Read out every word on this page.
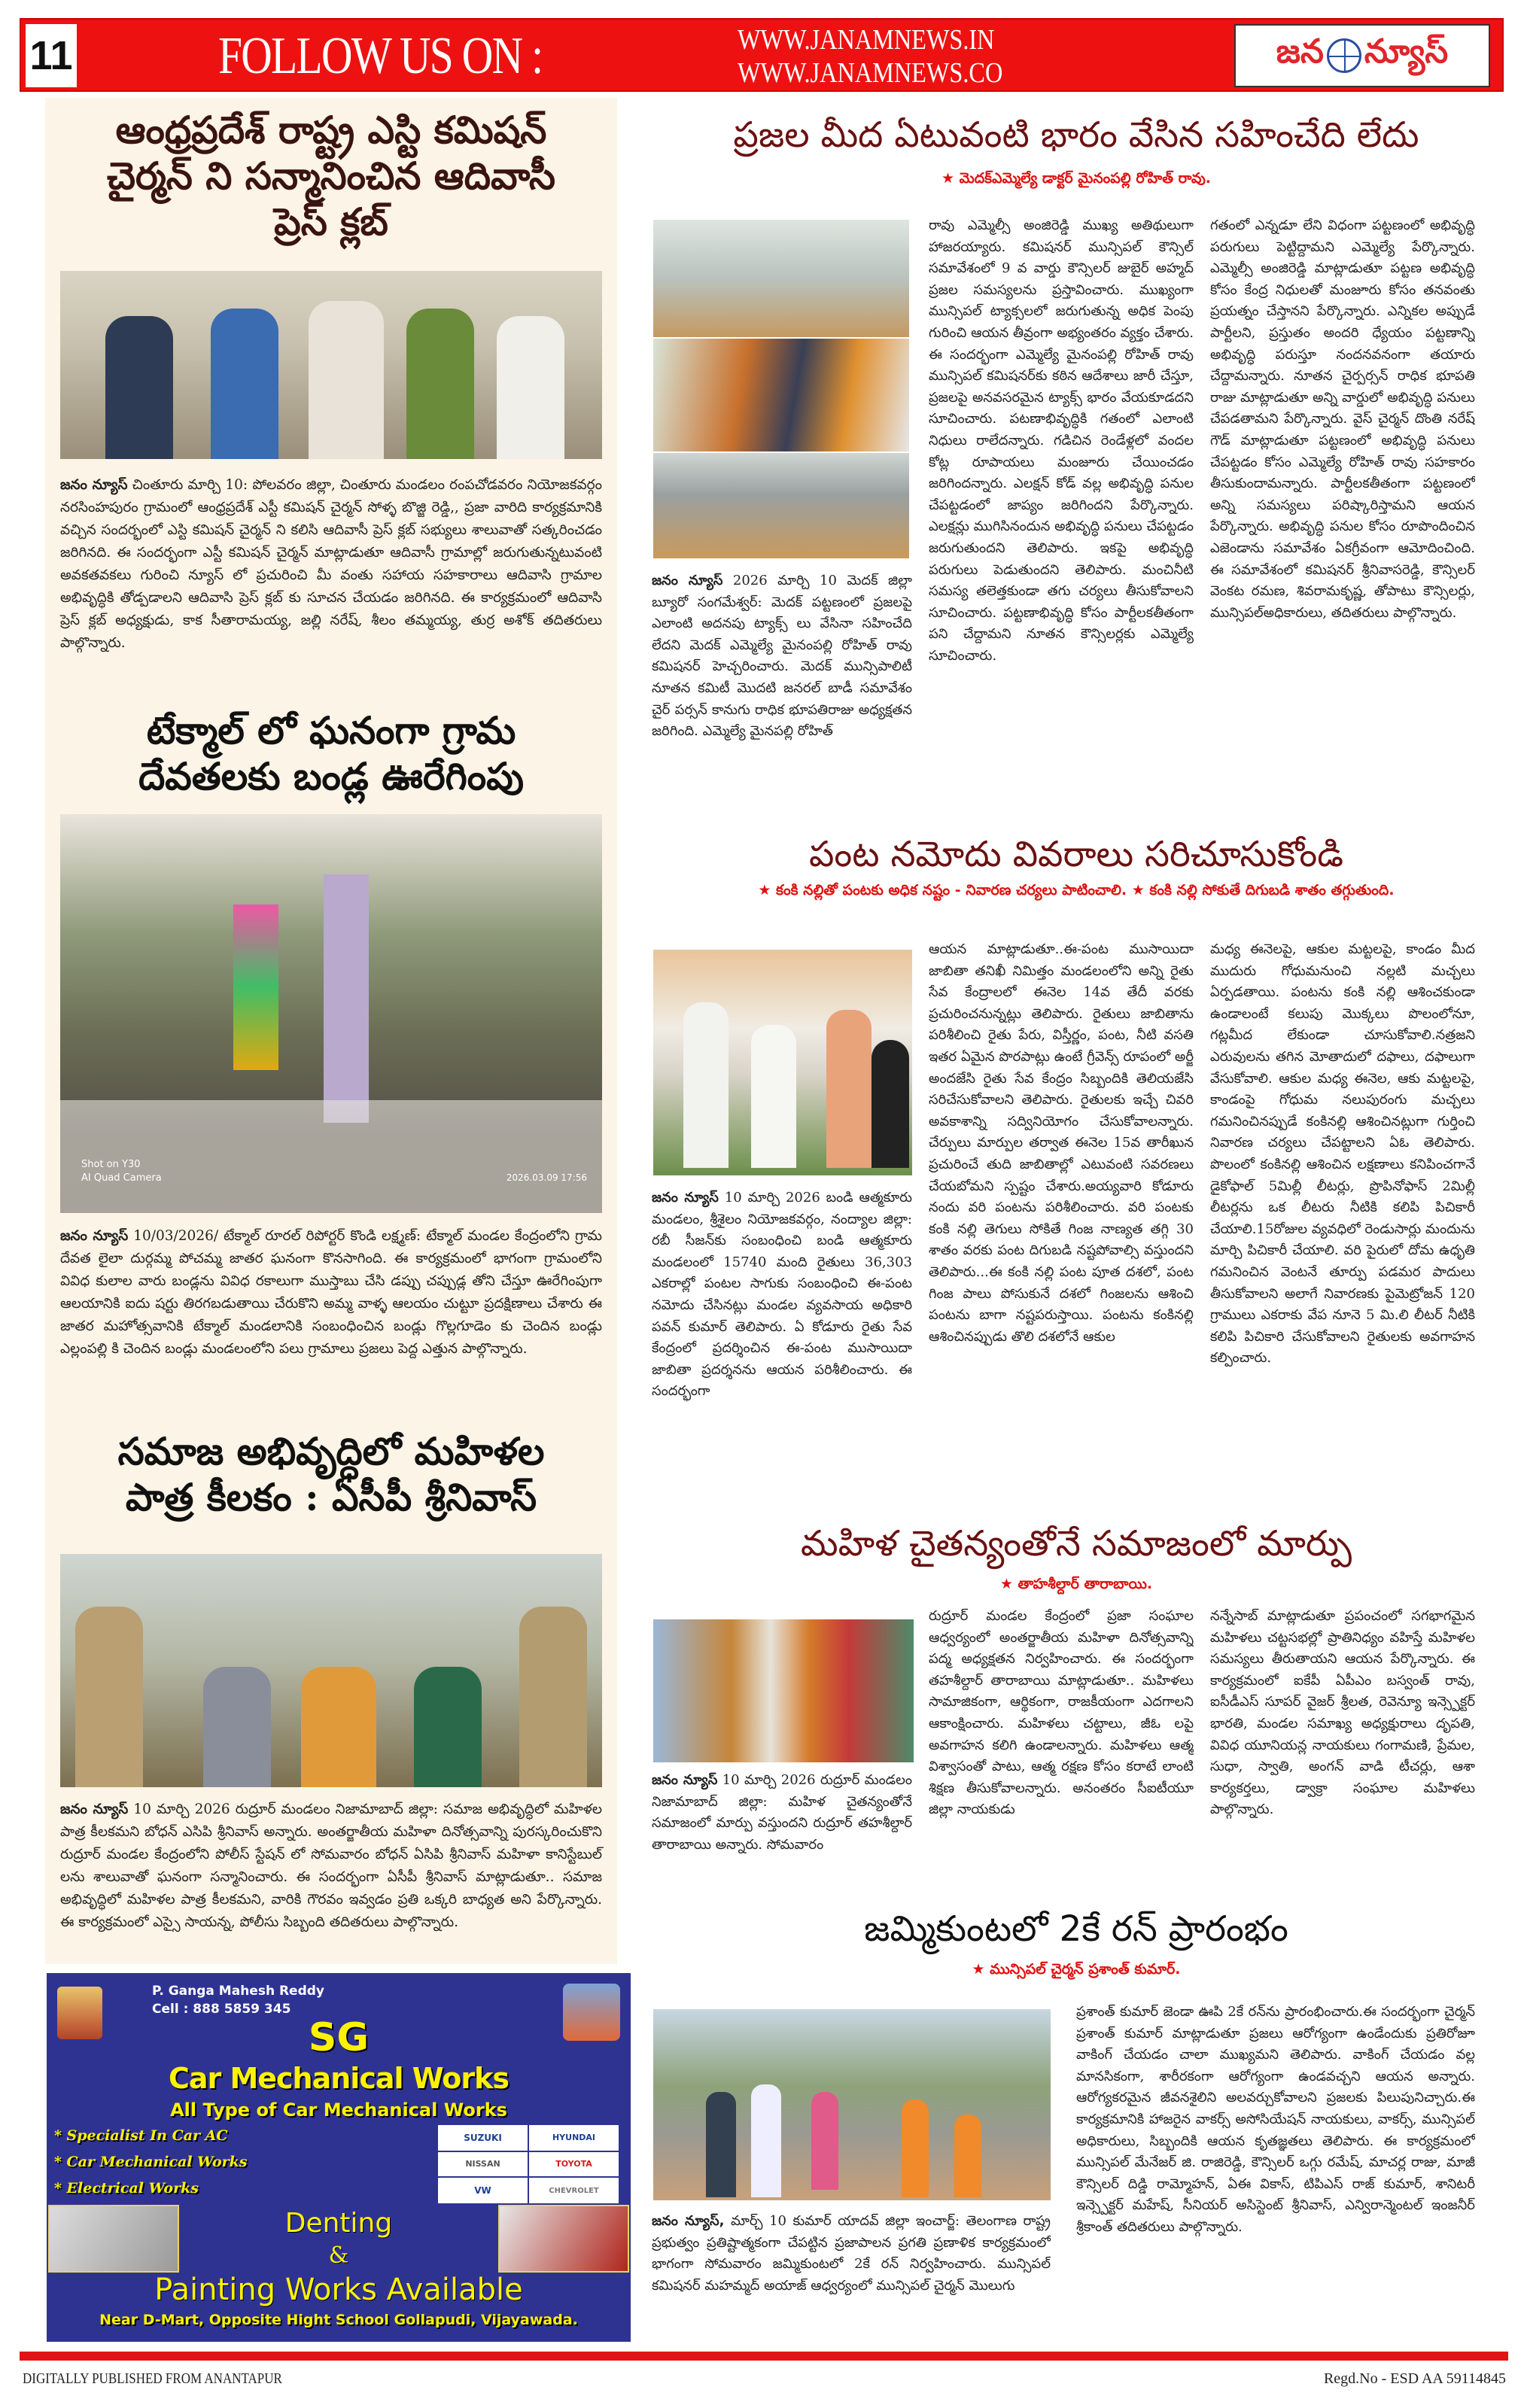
11	FOLLOW US ON :	WWW.JANAMNEWS.IN
WWW.JANAMNEWS.CO
జన న్యూస్
ఆంధ్రప్రదేశ్ రాష్ట్ర ఎస్టి కమిషన్
చైర్మన్ ని సన్మానించిన ఆదివాసీ
ప్రెస్ క్లబ్
జనం న్యూస్ చింతూరు మార్చి 10: పోలవరం జిల్లా, చింతూరు మండలం రంపచోడవరం నియోజకవర్గం నరసింహపురం గ్రామంలో ఆంధ్రప్రదేశ్ ఎస్టీ కమిషన్ చైర్మన్ సోళ్ళ బొజ్జి రెడ్డి,, ప్రజా వారిది కార్యక్రమానికి వచ్చిన సందర్భంలో ఎస్టి కమిషన్ చైర్మన్ ని కలిసి ఆదివాసీ ప్రెస్ క్లబ్ సభ్యులు శాలువాతో సత్కరించడం జరిగినది. ఈ సందర్భంగా ఎస్టీ కమిషన్ చైర్మన్ మాట్లాడుతూ ఆదివాసీ గ్రామాల్లో జరుగుతున్నటువంటి అవకతవకలు గురించి న్యూస్ లో ప్రచురించి మీ వంతు సహాయ సహకారాలు ఆదివాసి గ్రామాల అభివృద్ధికి తోడ్పడాలని ఆదివాసి ప్రెస్ క్లబ్ కు సూచన చేయడం జరిగినది. ఈ కార్యక్రమంలో ఆదివాసి ప్రెస్ క్లబ్ అధ్యక్షుడు, కాక సీతారామయ్య, జల్లి నరేష్, శీలం తమ్మయ్య, తుర్ర అశోక్ తదితరులు పాల్గొన్నారు.
టేక్మాల్ లో ఘనంగా గ్రామ
దేవతలకు బండ్ల ఊరేగింపు
Shot on Y30
AI Quad Camera	2026.03.09 17:56
జనం న్యూస్ 10/03/2026/ టేక్మాల్ రూరల్ రిపోర్టర్ కొండి లక్ష్మణ్: టేక్మాల్ మండల కేంద్రంలోని గ్రామ దేవత లైలా దుర్గమ్మ పోచమ్మ జాతర ఘనంగా కొనసాగింది. ఈ కార్యక్రమంలో భాగంగా గ్రామంలోని వివిధ కులాల వారు బండ్లను వివిధ రకాలుగా ముస్తాబు చేసి డప్పు చప్పుడ్ల తోని చేస్తూ ఊరేగింపుగా ఆలయానికి ఐదు షర్టు తిరగబడుతాయి చేరుకొని అమ్మ వాళ్ళ ఆలయం చుట్టూ ప్రదక్షిణాలు చేశారు ఈ జాతర మహోత్సవానికి టేక్మాల్ మండలానికి సంబంధించిన బండ్లు గొల్లగూడెం కు చెందిన బండ్లు ఎల్లంపల్లి కి చెందిన బండ్లు మండలంలోని పలు గ్రామాలు ప్రజలు పెద్ద ఎత్తున పాల్గొన్నారు.
సమాజ అభివృద్ధిలో మహిళల
పాత్ర కీలకం : ఏసీపీ శ్రీనివాస్
జనం న్యూస్ 10 మార్చి 2026 రుద్రూర్ మండలం నిజామాబాద్ జిల్లా: సమాజ అభివృద్ధిలో మహిళల పాత్ర కీలకమని బోధన్ ఎసిపి శ్రీనివాస్ అన్నారు. అంతర్జాతీయ మహిళా దినోత్సవాన్ని పురస్కరించుకొని రుద్రూర్ మండల కేంద్రంలోని పోలీస్ స్టేషన్ లో సోమవారం బోధన్ ఏసిపి శ్రీనివాస్ మహిళా కానిస్టేబుల్ లను శాలువాతో ఘనంగా సన్మానించారు. ఈ సందర్భంగా ఏసీపీ శ్రీనివాస్ మాట్లాడుతూ.. సమాజ అభివృద్ధిలో మహిళల పాత్ర కీలకమని, వారికి గౌరవం ఇవ్వడం ప్రతి ఒక్కరి బాధ్యత అని పేర్కొన్నారు. ఈ కార్యక్రమంలో ఎస్సై సాయన్న, పోలీసు సిబ్బంది తదితరులు పాల్గొన్నారు.
P. Ganga Mahesh Reddy
Cell : 888 5859 345
SG
Car Mechanical Works
All Type of Car Mechanical Works
* Specialist In Car AC
* Car Mechanical Works
* Electrical Works
SUZUKI	HYUNDAI
NISSAN	TOYOTA
VW	CHEVROLET
Denting
&
Painting Works Available
Near D-Mart, Opposite Hight School Gollapudi, Vijayawada.
ప్రజల మీద ఏటువంటి భారం వేసిన సహించేది లేదు
★ మెదక్‌ఎమ్మెల్యే డాక్టర్ మైనంపల్లి రోహిత్ రావు.
జనం న్యూస్ 2026 మార్చి 10 మెదక్ జిల్లా బ్యూరో సంగమేశ్వర్: మెదక్ పట్టణంలో ప్రజలపై ఎలాంటి అదనపు ట్యాక్స్ లు వేసినా సహించేది లేదని మెదక్ ఎమ్మెల్యే మైనంపల్లి రోహిత్ రావు కమిషనర్ హెచ్చరించారు. మెదక్ మున్సిపాలిటీ నూతన కమిటీ మొదటి జనరల్ బాడీ సమావేశం చైర్ పర్సన్ కానుగు రాధిక భూపతిరాజు అధ్యక్షతన జరిగింది. ఎమ్మెల్యే మైనపల్లి రోహిత్
రావు ఎమ్మెల్సీ అంజిరెడ్డి ముఖ్య అతిథులుగా హాజరయ్యారు. కమిషనర్ మున్సిపల్ కౌన్సిల్ సమావేశంలో 9 వ వార్డు కౌన్సిలర్ జుబైర్ అహ్మద్ ప్రజల సమస్యలను ప్రస్తావించారు. ముఖ్యంగా మున్సిపల్ ట్యాక్సలలో జరుగుతున్న అధిక పెంపు గురించి ఆయన తీవ్రంగా అభ్యంతరం వ్యక్తం చేశారు. ఈ సందర్భంగా ఎమ్మెల్యే మైనంపల్లి రోహిత్ రావు మున్సిపల్ కమిషనర్‌కు కఠిన ఆదేశాలు జారీ చేస్తూ, ప్రజలపై అనవసరమైన ట్యాక్స్ భారం వేయకూడదని సూచించారు. పటణాభివృద్ధికి గతంలో ఎలాంటి నిధులు రాలేదన్నారు. గడిచిన రెండేళ్లలో వందల కోట్ల రూపాయలు మంజూరు చేయించడం జరిగిందన్నారు. ఎలక్షన్ కోడ్ వల్ల అభివృద్ధి పనుల చేపట్టడంలో జాప్యం జరిగిందని పేర్కొన్నారు. ఎలక్షన్లు ముగిసినందున అభివృద్ధి పనులు చేపట్టడం జరుగుతుందని తెలిపారు. ఇకపై అభివృద్ధి పరుగులు పెడుతుందని తెలిపారు. మంచినీటి సమస్య తలెత్తకుండా తగు చర్యలు తీసుకోవాలని సూచించారు. పట్టణాభివృద్ధి కోసం పార్టీలకతీతంగా పని చేద్దామని నూతన కౌన్సిలర్లకు ఎమ్మెల్యే సూచించారు.
గతంలో ఎన్నడూ లేని విధంగా పట్టణంలో అభివృద్ధి పరుగులు పెట్టిద్దామని ఎమ్మెల్యే పేర్కొన్నారు. ఎమ్మెల్సీ అంజిరెడ్డి మాట్లాడుతూ పట్టణ అభివృద్ధి కోసం కేంద్ర నిధులతో మంజూరు కోసం తనవంతు ప్రయత్నం చేస్తానని పేర్కొన్నారు. ఎన్నికల అప్పుడే పార్టీలని, ప్రస్తుతం అందరి ధ్యేయం పట్టణాన్ని అభివృద్ధి పరుస్తూ నందనవనంగా తయారు చేద్దామన్నారు. నూతన చైర్పర్సన్ రాధిక భూపతి రాజు మాట్లాడుతూ అన్ని వార్డులో అభివృద్ధి పనులు చేపడతామని పేర్కొన్నారు. వైస్ చైర్మన్ దొంతి నరేష్ గౌడ్ మాట్లాడుతూ పట్టణంలో అభివృద్ధి పనులు చేపట్టడం కోసం ఎమ్మెల్యే రోహిత్ రావు సహకారం తీసుకుందామన్నారు. పార్టీలకతీతంగా పట్టణంలో అన్ని సమస్యలు పరిష్కారిస్తామని ఆయన పేర్కొన్నారు. అభివృద్ధి పనుల కోసం రూపొందించిన ఎజెండాను సమావేశం ఏకగ్రీవంగా ఆమోదించింది. ఈ సమావేశంలో కమిషనర్ శ్రీనివాసరెడ్డి, కౌన్సిలర్ వెంకట రమణ, శివరామకృష్ణ, తోపాటు కౌన్సిలర్లు, మున్సిపల్‌అధికారులు, తదితరులు పాల్గొన్నారు.
పంట నమోదు వివరాలు సరిచూసుకోండి
★ కంకి నల్లితో పంటకు అధిక నష్టం - నివారణ చర్యలు పాటించాలి. ★ కంకి నల్లి సోకుతే దిగుబడి శాతం తగ్గుతుంది.
జనం న్యూస్ 10 మార్చి 2026 బండి ఆత్మకూరు మండలం, శ్రీశైలం నియోజకవర్గం, నంద్యాల జిల్లా: రబీ సీజన్‌కు సంబంధించి బండి ఆత్మకూరు మండలంలో 15740 మంది రైతులు 36,303 ఎకరాల్లో పంటల సాగుకు సంబంధించి ఈ-పంట నమోదు చేసినట్లు మండల వ్యవసాయ అధికారి పవన్ కుమార్ తెలిపారు. ఏ కోడూరు రైతు సేవ కేంద్రంలో ప్రదర్శించిన ఈ-పంట ముసాయిదా జాబితా ప్రదర్శనను ఆయన పరిశీలించారు. ఈ సందర్భంగా
ఆయన మాట్లాడుతూ..ఈ-పంట ముసాయిదా జాబితా తనిఖీ నిమిత్తం మండలంలోని అన్ని రైతు సేవ కేంద్రాలలో ఈనెల 14వ తేదీ వరకు ప్రచురించనున్నట్లు తెలిపారు. రైతులు జాబితాను పరిశీలించి రైతు పేరు, విస్తీర్ణం, పంట, నీటి వసతి ఇతర ఏమైన పొరపాట్లు ఉంటే గ్రీవెన్స్ రూపంలో అర్జీ అందజేసి రైతు సేవ కేంద్రం సిబ్బందికి తెలియజేసి సరిచేసుకోవాలని తెలిపారు. రైతులకు ఇచ్చే చివరి అవకాశాన్ని సద్వినియోగం చేసుకోవాలన్నారు. చేర్పులు మార్పుల తర్వాత ఈనెల 15వ తారీఖున ప్రచురించే తుది జాబితాల్లో ఎటువంటి సవరణలు చేయబోమని స్పష్టం చేశారు.అయ్యవారి కోడూరు నందు వరి పంటను పరిశీలించారు. వరి పంటకు కంకి నల్లి తెగులు సోకితే గింజ నాణ్యత తగ్గి 30 శాతం వరకు పంట దిగుబడి నష్టపోవాల్సి వస్తుందని తెలిపారు...ఈ కంకి నల్లి పంట పూత దశలో, పంట గింజ పాలు పోసుకునే దశలో గింజలను ఆశించి పంటను బాగా నష్టపరుస్తాయి. పంటను కంకినల్లి ఆశించినప్పుడు తొలి దశలోనే ఆకుల
మధ్య ఈనెలపై, ఆకుల మట్టలపై, కాండం మీద ముదురు గోధుమనుంచి నల్లటి మచ్చలు ఏర్పడతాయి. పంటను కంకి నల్లి ఆశించకుండా ఉండాలంటే కలుపు మొక్కలు పొలంలోనూ, గట్లమీద లేకుండా చూసుకోవాలి.నత్రజని ఎరువులను తగిన మోతాదులో దఫాలు, దఫాలుగా వేసుకోవాలి. ఆకుల మధ్య ఈనెల, ఆకు మట్టలపై, కాండంపై గోధుమ నలుపురంగు మచ్చలు గమనించినప్పుడే కంకినల్లి ఆశించినట్లుగా గుర్తించి నివారణ చర్యలు చేపట్టాలని ఏఓ తెలిపారు. పొలంలో కంకినల్లి ఆశించిన లక్షణాలు కనిపించగానే డైకోఫాల్ 5మిల్లీ లీటర్లు, ప్రొపినోఫాస్ 2మిల్లీ లీటర్లను ఒక లీటరు నీటికి కలిపి పిచికారీ చేయాలి.15రోజుల వ్యవధిలో రెండుసార్లు మందును మార్చి పిచికారీ చేయాలి. వరి పైరులో దోమ ఉధృతి గమనించిన వెంటనే తూర్పు పడమర పాదులు తీసుకోవాలని అలాగే నివారణకు పైమెట్రోజన్ 120 గ్రాములు ఎకరాకు వేప నూనె 5 మి.లి లీటర్ నీటికి కలిపి పిచికారి చేసుకోవాలని రైతులకు అవగాహన కల్పించారు.
మహిళ చైతన్యంతోనే సమాజంలో మార్పు
★ తాహశీల్దార్ తారాబాయి.
జనం న్యూస్ 10 మార్చి 2026 రుద్రూర్ మండలం నిజామాబాద్ జిల్లా: మహిళ చైతన్యంతోనే సమాజంలో మార్పు వస్తుందని రుద్రూర్ తహశీల్దార్ తారాబాయి అన్నారు. సోమవారం
రుద్రూర్ మండల కేంద్రంలో ప్రజా సంఘాల ఆధ్వర్యంలో అంతర్జాతీయ మహిళా దినోత్సవాన్ని పద్మ అధ్యక్షతన నిర్వహించారు. ఈ సందర్భంగా తహశీల్దార్ తారాబాయి మాట్లాడుతూ.. మహిళలు సామాజికంగా, ఆర్థికంగా, రాజకీయంగా ఎదగాలని ఆకాంక్షించారు. మహిళలు చట్టాలు, జీఓ లపై అవగాహన కలిగి ఉండాలన్నారు. మహిళలు ఆత్మ విశ్వాసంతో పాటు, ఆత్మ రక్షణ కోసం కరాటే లాంటి శిక్షణ తీసుకోవాలన్నారు. అనంతరం సీఐటీయూ జిల్లా నాయకుడు
నన్నేసాబ్ మాట్లాడుతూ ప్రపంచంలో సగభాగమైన మహిళలు చట్టసభల్లో ప్రాతినిధ్యం వహిస్తే మహిళల సమస్యలు తీరుతాయని ఆయన పేర్కొన్నారు. ఈ కార్యక్రమంలో ఐకేపీ ఏపీఎం బస్వంత్ రావు, ఐసీడీఎస్ సూపర్ వైజర్ శ్రీలత, రెవెన్యూ ఇన్స్పెక్టర్ భారతి, మండల సమాఖ్య అధ్యక్షురాలు దృపతి, వివిధ యూనియన్ల నాయకులు గంగామణి, ప్రేమల, సుధా, స్వాతి, అంగన్ వాడి టీచర్లు, ఆశా కార్యకర్తలు, డ్వాక్రా సంఘాల మహిళలు పాల్గొన్నారు.
జమ్మికుంటలో 2కే రన్ ప్రారంభం
★ మున్సిపల్ చైర్మన్ ప్రశాంత్ కుమార్.
జనం న్యూస్, మార్చ్ 10 కుమార్ యాదవ్ జిల్లా ఇంచార్జ్: తెలంగాణ రాష్ట్ర ప్రభుత్వం ప్రతిష్టాత్మకంగా చేపట్టిన ప్రజాపాలన ప్రగతి ప్రణాళిక కార్యక్రమంలో భాగంగా సోమవారం జమ్మికుంటలో 2కే రన్ నిర్వహించారు. మున్సిపల్ కమిషనర్ మహమ్మద్ అయాజ్ ఆధ్వర్యంలో మున్సిపల్ చైర్మన్ మొలుగు
ప్రశాంత్ కుమార్ జెండా ఊపి 2కే రన్‌ను ప్రారంభించారు.ఈ సందర్భంగా చైర్మన్ ప్రశాంత్ కుమార్ మాట్లాడుతూ ప్రజలు ఆరోగ్యంగా ఉండేందుకు ప్రతిరోజూ వాకింగ్ చేయడం చాలా ముఖ్యమని తెలిపారు. వాకింగ్ చేయడం వల్ల మానసికంగా, శారీరకంగా ఆరోగ్యంగా ఉండవచ్చని ఆయన అన్నారు. ఆరోగ్యకరమైన జీవనశైలిని అలవర్చుకోవాలని ప్రజలకు పిలుపునిచ్చారు.ఈ కార్యక్రమానికి హాజరైన వాకర్స్ అసోసియేషన్ నాయకులు, వాకర్స్, మున్సిపల్ అధికారులు, సిబ్బందికి ఆయన కృతజ్ఞతలు తెలిపారు. ఈ కార్యక్రమంలో మున్సిపల్ మేనేజర్ జి. రాజిరెడ్డి, కౌన్సిలర్ ఒగ్గు రమేష్, మాచర్ల రాజు, మాజీ కౌన్సిలర్ దిడ్డి రామ్మోహన్, ఏఈ వికాస్, టిపిఎస్ రాజ్ కుమార్, శానిటరీ ఇన్స్పెక్టర్ మహేష్, సీనియర్ అసిస్టెంట్ శ్రీనివాస్, ఎన్విరాన్మెంటల్ ఇంజనీర్ శ్రీకాంత్ తదితరులు పాల్గొన్నారు.
DIGITALLY PUBLISHED FROM ANANTAPUR	Regd.No - ESD AA 59114845
